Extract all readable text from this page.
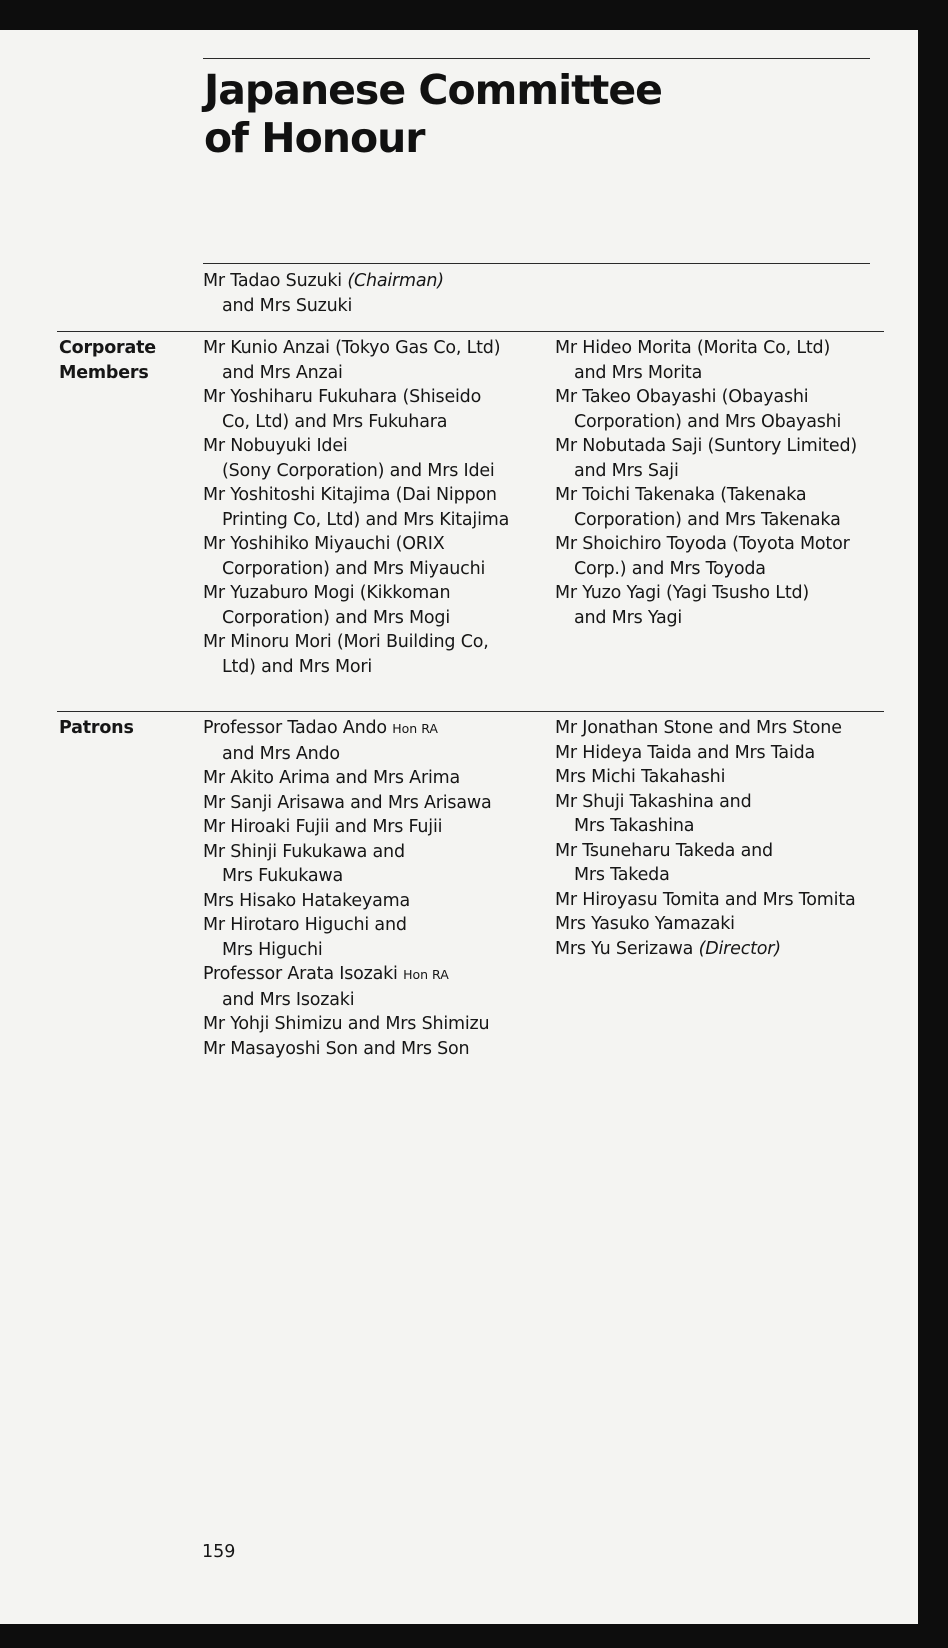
Japanese Committee
of Honour
Mr Tadao Suzuki (Chairman)
and Mrs Suzuki
Corporate
Members
Mr Kunio Anzai (Tokyo Gas Co, Ltd)
and Mrs Anzai
Mr Yoshiharu Fukuhara (Shiseido
Co, Ltd) and Mrs Fukuhara
Mr Nobuyuki Idei
(Sony Corporation) and Mrs Idei
Mr Yoshitoshi Kitajima (Dai Nippon
Printing Co, Ltd) and Mrs Kitajima
Mr Yoshihiko Miyauchi (ORIX
Corporation) and Mrs Miyauchi
Mr Yuzaburo Mogi (Kikkoman
Corporation) and Mrs Mogi
Mr Minoru Mori (Mori Building Co,
Ltd) and Mrs Mori
Mr Hideo Morita (Morita Co, Ltd)
and Mrs Morita
Mr Takeo Obayashi (Obayashi
Corporation) and Mrs Obayashi
Mr Nobutada Saji (Suntory Limited)
and Mrs Saji
Mr Toichi Takenaka (Takenaka
Corporation) and Mrs Takenaka
Mr Shoichiro Toyoda (Toyota Motor
Corp.) and Mrs Toyoda
Mr Yuzo Yagi (Yagi Tsusho Ltd)
and Mrs Yagi
Patrons	Professor Tadao Ando Hon RA
and Mrs Ando
Mr Akito Arima and Mrs Arima
Mr Sanji Arisawa and Mrs Arisawa
Mr Hiroaki Fujii and Mrs Fujii
Mr Shinji Fukukawa and
Mrs Fukukawa
Mrs Hisako Hatakeyama
Mr Hirotaro Higuchi and
Mrs Higuchi
Professor Arata Isozaki Hon RA
and Mrs Isozaki
Mr Yohji Shimizu and Mrs Shimizu
Mr Masayoshi Son and Mrs Son
Mr Jonathan Stone and Mrs Stone
Mr Hideya Taida and Mrs Taida
Mrs Michi Takahashi
Mr Shuji Takashina and
Mrs Takashina
Mr Tsuneharu Takeda and
Mrs Takeda
Mr Hiroyasu Tomita and Mrs Tomita
Mrs Yasuko Yamazaki
Mrs Yu Serizawa (Director)
159
